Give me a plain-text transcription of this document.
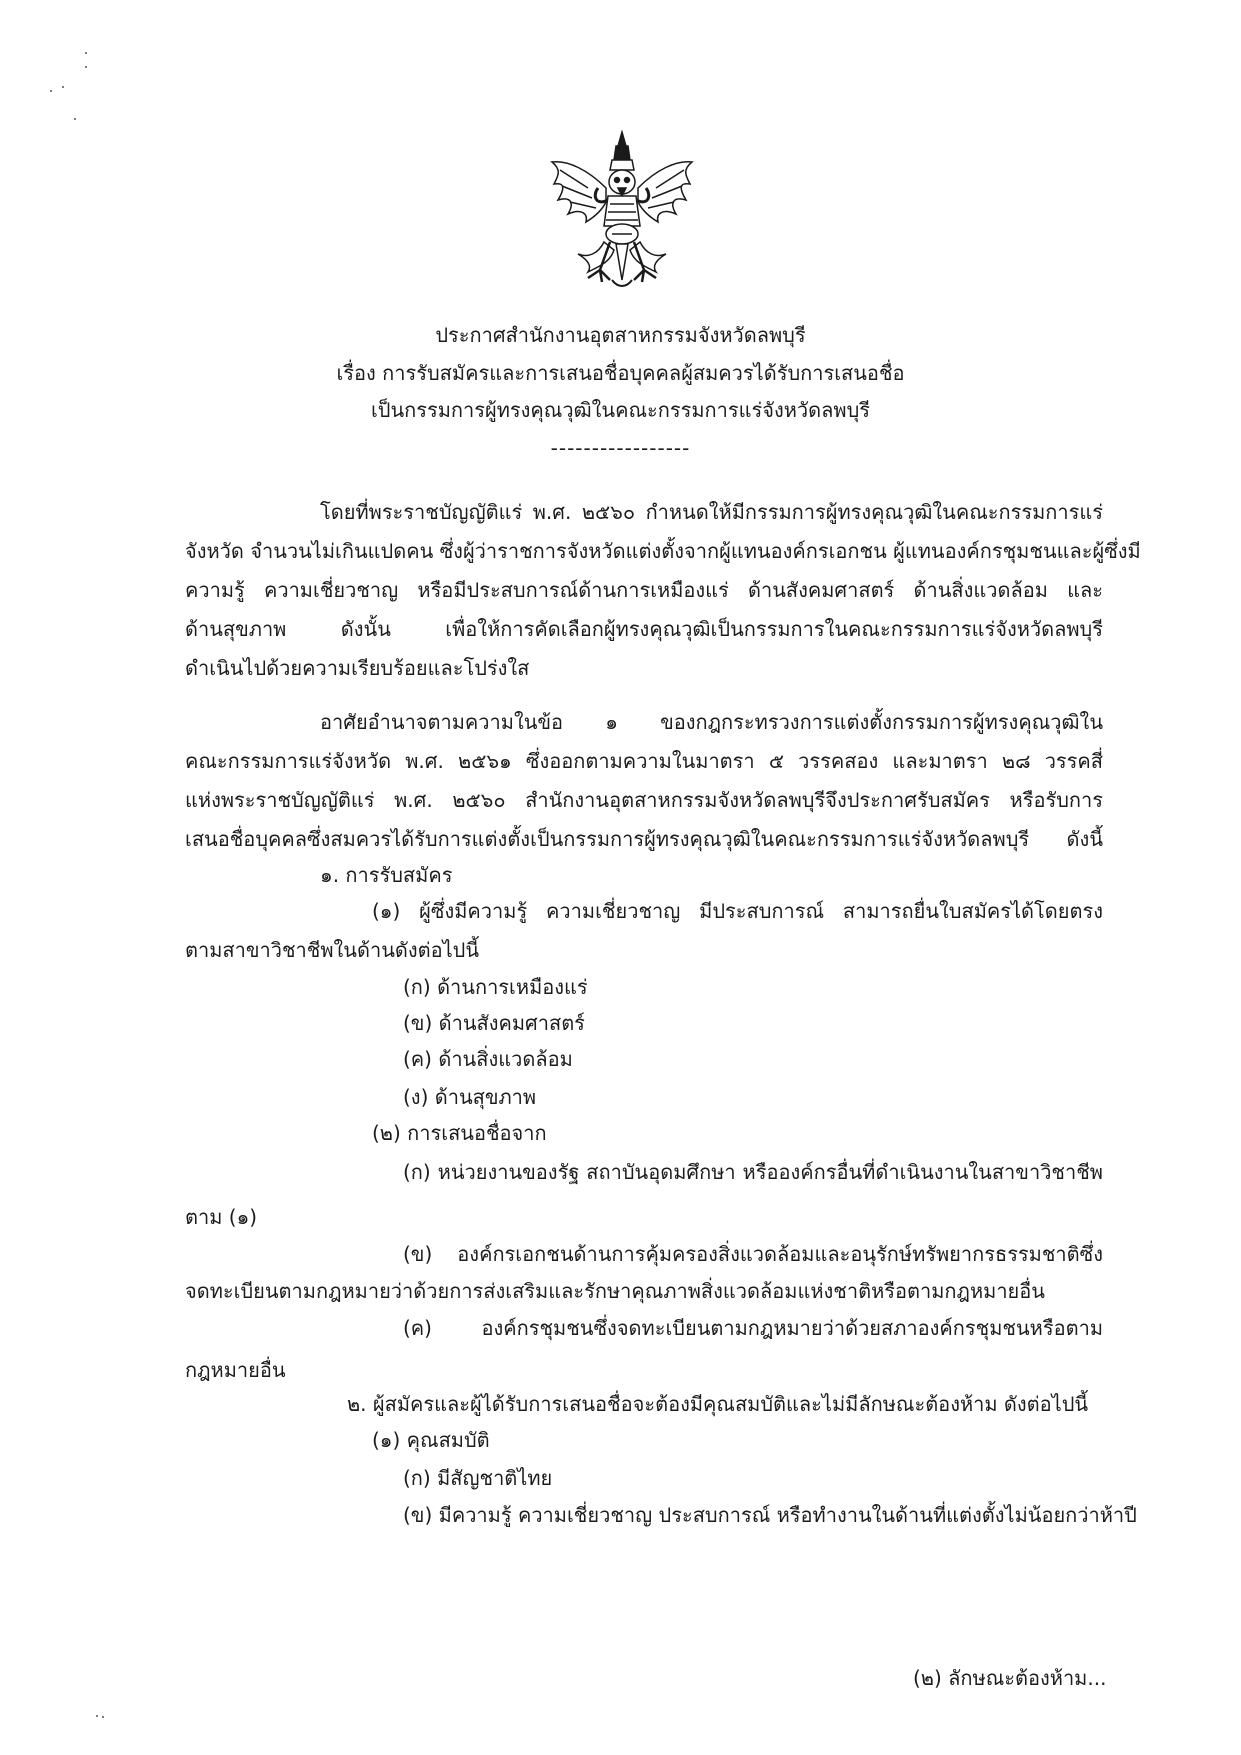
ประกาศสำนักงานอุตสาหกรรมจังหวัดลพบุรี
เรื่อง การรับสมัครและการเสนอชื่อบุคคลผู้สมควรได้รับการเสนอชื่อ
เป็นกรรมการผู้ทรงคุณวุฒิในคณะกรรมการแร่จังหวัดลพบุรี
-----------------
โดยที่พระราชบัญญัติแร่ พ.ศ. ๒๕๖๐ กำหนดให้มีกรรมการผู้ทรงคุณวุฒิในคณะกรรมการแร่
จังหวัด จำนวนไม่เกินแปดคน ซึ่งผู้ว่าราชการจังหวัดแต่งตั้งจากผู้แทนองค์กรเอกชน ผู้แทนองค์กรชุมชนและผู้ซึ่งมี
ความรู้ ความเชี่ยวชาญ หรือมีประสบการณ์ด้านการเหมืองแร่ ด้านสังคมศาสตร์ ด้านสิ่งแวดล้อม และ
ด้านสุขภาพ ดังนั้น เพื่อให้การคัดเลือกผู้ทรงคุณวุฒิเป็นกรรมการในคณะกรรมการแร่จังหวัดลพบุรี
ดำเนินไปด้วยความเรียบร้อยและโปร่งใส
อาศัยอำนาจตามความในข้อ ๑ ของกฎกระทรวงการแต่งตั้งกรรมการผู้ทรงคุณวุฒิใน
คณะกรรมการแร่จังหวัด พ.ศ. ๒๕๖๑ ซึ่งออกตามความในมาตรา ๕ วรรคสอง และมาตรา ๒๘ วรรคสี่
แห่งพระราชบัญญัติแร่ พ.ศ. ๒๕๖๐ สำนักงานอุตสาหกรรมจังหวัดลพบุรีจึงประกาศรับสมัคร หรือรับการ
เสนอชื่อบุคคลซึ่งสมควรได้รับการแต่งตั้งเป็นกรรมการผู้ทรงคุณวุฒิในคณะกรรมการแร่จังหวัดลพบุรี ดังนี้
๑. การรับสมัคร
(๑) ผู้ซึ่งมีความรู้ ความเชี่ยวชาญ มีประสบการณ์ สามารถยื่นใบสมัครได้โดยตรง
ตามสาขาวิชาชีพในด้านดังต่อไปนี้
(ก) ด้านการเหมืองแร่
(ข) ด้านสังคมศาสตร์
(ค) ด้านสิ่งแวดล้อม
(ง) ด้านสุขภาพ
(๒) การเสนอชื่อจาก
(ก) หน่วยงานของรัฐ สถาบันอุดมศึกษา หรือองค์กรอื่นที่ดำเนินงานในสาขาวิชาชีพ
ตาม (๑)
(ข) องค์กรเอกชนด้านการคุ้มครองสิ่งแวดล้อมและอนุรักษ์ทรัพยากรธรรมชาติซึ่ง
จดทะเบียนตามกฎหมายว่าด้วยการส่งเสริมและรักษาคุณภาพสิ่งแวดล้อมแห่งชาติหรือตามกฎหมายอื่น
(ค) องค์กรชุมชนซึ่งจดทะเบียนตามกฎหมายว่าด้วยสภาองค์กรชุมชนหรือตาม
กฎหมายอื่น
๒. ผู้สมัครและผู้ได้รับการเสนอชื่อจะต้องมีคุณสมบัติและไม่มีลักษณะต้องห้าม ดังต่อไปนี้
(๑) คุณสมบัติ
(ก) มีสัญชาติไทย
(ข) มีความรู้ ความเชี่ยวชาญ ประสบการณ์ หรือทำงานในด้านที่แต่งตั้งไม่น้อยกว่าห้าปี
(๒) ลักษณะต้องห้าม...
